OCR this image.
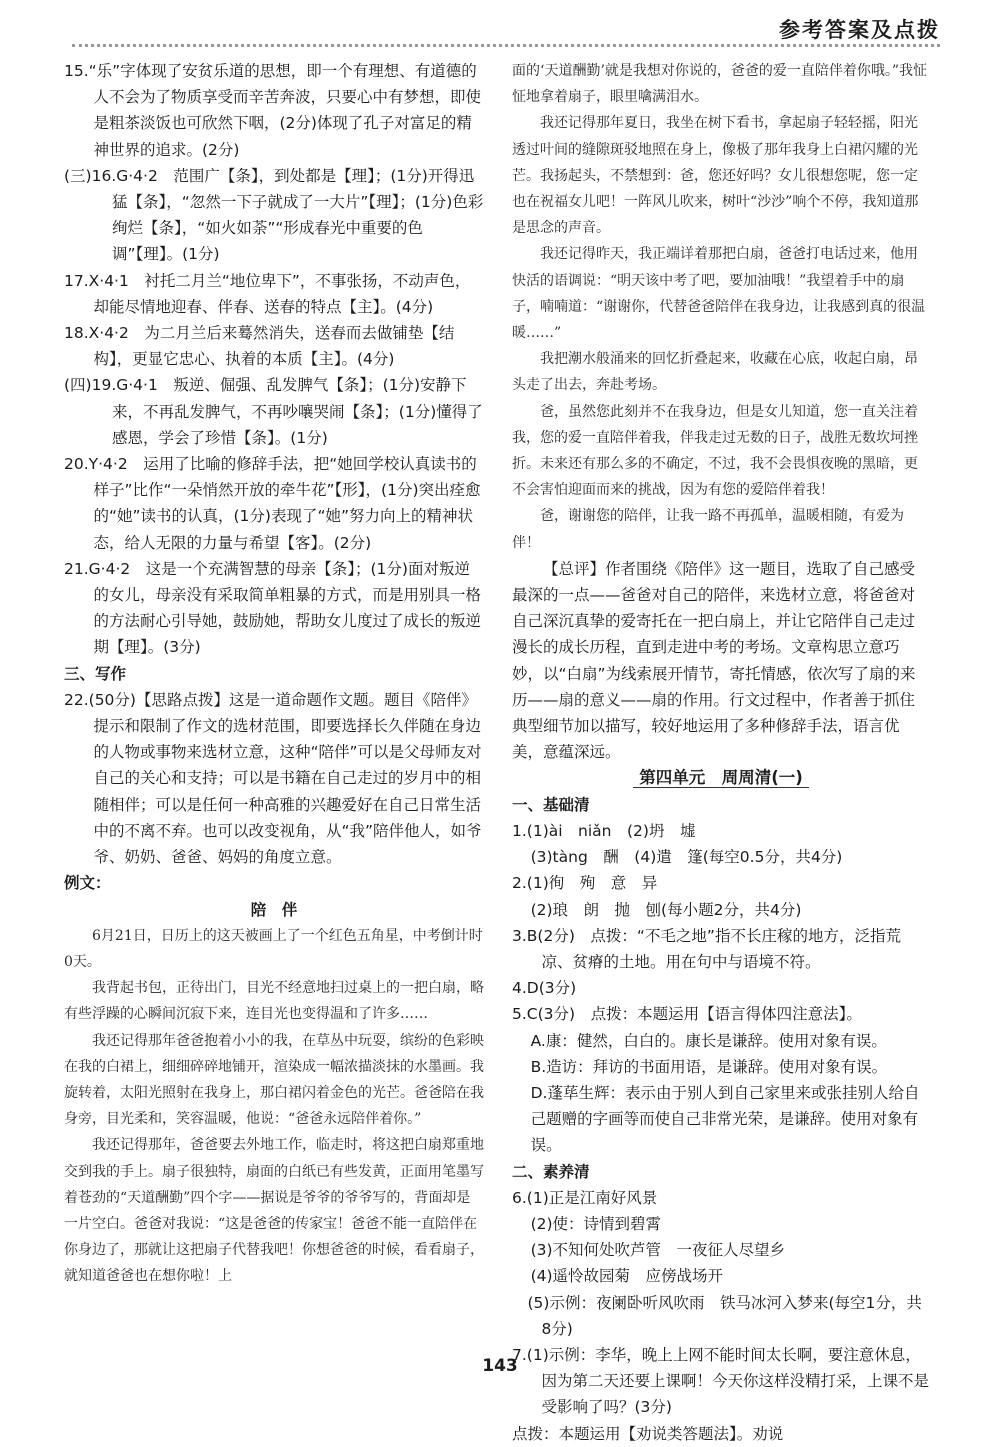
参考答案及点拨

15.“乐”字体现了安贫乐道的思想，即一个有理想、有道德的人不会为了物质享受而辛苦奔波，只要心中有梦想，即使是粗茶淡饭也可欣然下咽，(2分)体现了孔子对富足的精神世界的追求。(2分)

(三)16.G·4·2　范围广【条】，到处都是【理】；(1分)开得迅猛【条】，“忽然一下子就成了一大片”【理】；(1分)色彩绚烂【条】，“如火如荼”“形成春光中重要的色调”【理】。(1分)

17.X·4·1　衬托二月兰“地位卑下”，不事张扬，不动声色，却能尽情地迎春、伴春、送春的特点【主】。(4分)

18.X·4·2　为二月兰后来蓦然消失，送春而去做铺垫【结构】，更显它忠心、执着的本质【主】。(4分)

(四)19.G·4·1　叛逆、倔强、乱发脾气【条】；(1分)安静下来，不再乱发脾气，不再吵嚷哭闹【条】；(1分)懂得了感恩，学会了珍惜【条】。(1分)

20.Y·4·2　运用了比喻的修辞手法，把“她回学校认真读书的样子”比作“一朵悄然开放的牵牛花”【形】，(1分)突出痊愈的“她”读书的认真，(1分)表现了“她”努力向上的精神状态，给人无限的力量与希望【客】。(2分)

21.G·4·2　这是一个充满智慧的母亲【条】；(1分)面对叛逆的女儿，母亲没有采取简单粗暴的方式，而是用别具一格的方法耐心引导她，鼓励她，帮助女儿度过了成长的叛逆期【理】。(3分)

三、写作

22.(50分)【思路点拨】这是一道命题作文题。题目《陪伴》提示和限制了作文的选材范围，即要选择长久伴随在身边的人物或事物来选材立意，这种“陪伴”可以是父母师友对自己的关心和支持；可以是书籍在自己走过的岁月中的相随相伴；可以是任何一种高雅的兴趣爱好在自己日常生活中的不离不弃。也可以改变视角，从“我”陪伴他人，如爷爷、奶奶、爸爸、妈妈的角度立意。

例文：

陪　伴

6月21日，日历上的这天被画上了一个红色五角星，中考倒计时0天。

我背起书包，正待出门，目光不经意地扫过桌上的一把白扇，略有些浮躁的心瞬间沉寂下来，连目光也变得温和了许多……

我还记得那年爸爸抱着小小的我，在草丛中玩耍，缤纷的色彩映在我的白裙上，细细碎碎地铺开，渲染成一幅浓描淡抹的水墨画。我旋转着，太阳光照射在我身上，那白裙闪着金色的光芒。爸爸陪在我身旁，目光柔和，笑容温暖，他说：“爸爸永远陪伴着你。”

我还记得那年，爸爸要去外地工作，临走时，将这把白扇郑重地交到我的手上。扇子很独特，扇面的白纸已有些发黄，正面用笔墨写着苍劲的“天道酬勤”四个字——据说是爷爷的爷爷写的，背面却是一片空白。爸爸对我说：“这是爸爸的传家宝！爸爸不能一直陪伴在你身边了，那就让这把扇子代替我吧！你想爸爸的时候，看看扇子，就知道爸爸也在想你啦！上

面的‘天道酬勤’就是我想对你说的，爸爸的爱一直陪伴着你哦。”我怔怔地拿着扇子，眼里噙满泪水。

我还记得那年夏日，我坐在树下看书，拿起扇子轻轻摇，阳光透过叶间的缝隙斑驳地照在身上，像极了那年我身上白裙闪耀的光芒。我扬起头，不禁想到：爸，您还好吗？女儿很想您呢，您一定也在祝福女儿吧！一阵风儿吹来，树叶“沙沙”响个不停，我知道那是思念的声音。

我还记得昨天，我正端详着那把白扇，爸爸打电话过来，他用快活的语调说：“明天该中考了吧，要加油哦！”我望着手中的扇子，喃喃道：“谢谢你，代替爸爸陪伴在我身边，让我感到真的很温暖……”

我把潮水般涌来的回忆折叠起来，收藏在心底，收起白扇，昂头走了出去，奔赴考场。

爸，虽然您此刻并不在我身边，但是女儿知道，您一直关注着我，您的爱一直陪伴着我，伴我走过无数的日子，战胜无数坎坷挫折。未来还有那么多的不确定，不过，我不会畏惧夜晚的黑暗，更不会害怕迎面而来的挑战，因为有您的爱陪伴着我！

爸，谢谢您的陪伴，让我一路不再孤单，温暖相随，有爱为伴！

【总评】作者围绕《陪伴》这一题目，选取了自己感受最深的一点——爸爸对自己的陪伴，来选材立意，将爸爸对自己深沉真挚的爱寄托在一把白扇上，并让它陪伴自己走过漫长的成长历程，直到走进中考的考场。文章构思立意巧妙，以“白扇”为线索展开情节，寄托情感，依次写了扇的来历——扇的意义——扇的作用。行文过程中，作者善于抓住典型细节加以描写，较好地运用了多种修辞手法，语言优美，意蕴深远。

第四单元　周周清(一)

一、基础清

1.(1)ài　niǎn　(2)坍　墟

(3)tàng　酬　(4)遣　篷(每空0.5分，共4分)

2.(1)徇　殉　意　异

(2)琅　朗　抛　刨(每小题2分，共4分)

3.B(2分)　点拨：“不毛之地”指不长庄稼的地方，泛指荒凉、贫瘠的土地。用在句中与语境不符。

4.D(3分)

5.C(3分)　点拨：本题运用【语言得体四注意法】。

A.康：健然，白白的。康长是谦辞。使用对象有误。

B.造访：拜访的书面用语，是谦辞。使用对象有误。

D.蓬荜生辉：表示由于别人到自己家里来或张挂别人给自己题赠的字画等而使自己非常光荣，是谦辞。使用对象有误。

二、素养清

6.(1)正是江南好风景

(2)使：诗情到碧霄

(3)不知何处吹芦管　一夜征人尽望乡

(4)遥怜故园菊　应傍战场开

　(5)示例：夜阑卧听风吹雨　铁马冰河入梦来(每空1分，共8分)

7.(1)示例：李华，晚上上网不能时间太长啊，要注意休息，因为第二天还要上课啊！今天你这样没精打采，上课不是受影响了吗？(3分)

点拨：本题运用【劝说类答题法】。劝说

143
